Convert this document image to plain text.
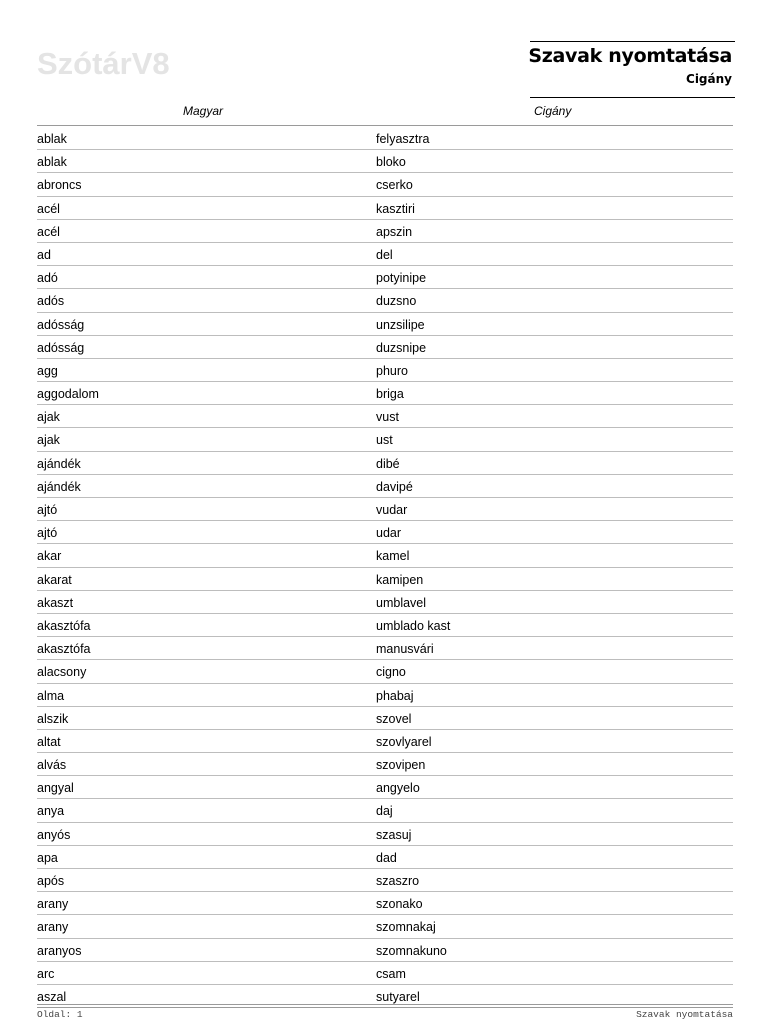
SzótárV8	Szavak nyomtatása
Cigány
Magyar	Cigány
ablak	felyasztra
ablak	bloko
abroncs	cserko
acél	kasztiri
acél	apszin
ad	del
adó	potyinipe
adós	duzsno
adósság	unzsilipe
adósság	duzsnipe
agg	phuro
aggodalom	briga
ajak	vust
ajak	ust
ajándék	dibé
ajándék	davipé
ajtó	vudar
ajtó	udar
akar	kamel
akarat	kamipen
akaszt	umblavel
akasztófa	umblado kast
akasztófa	manusvári
alacsony	cigno
alma	phabaj
alszik	szovel
altat	szovlyarel
alvás	szovipen
angyal	angyelo
anya	daj
anyós	szasuj
apa	dad
após	szaszro
arany	szonako
arany	szomnakaj
aranyos	szomnakuno
arc	csam
aszal	sutyarel
Oldal: 1	Szavak nyomtatása
